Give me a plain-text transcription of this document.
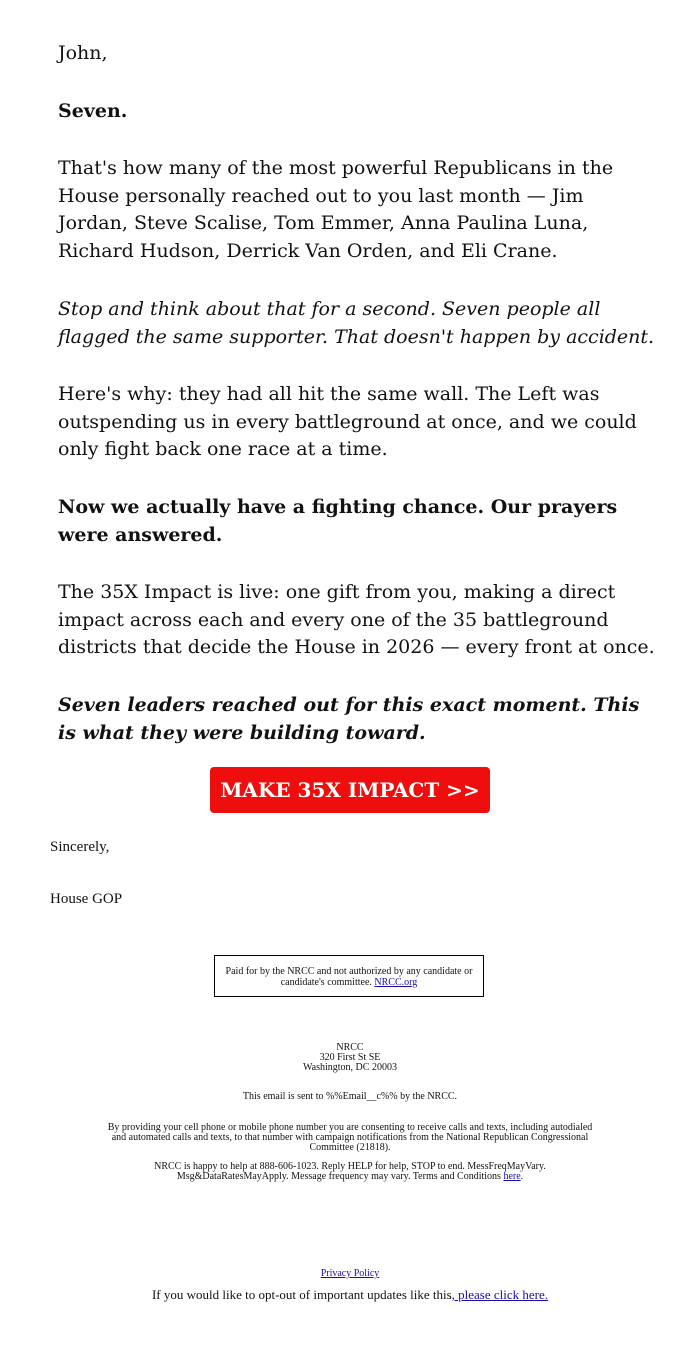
John,

Seven.

That's how many of the most powerful Republicans in the House personally reached out to you last month — Jim Jordan, Steve Scalise, Tom Emmer, Anna Paulina Luna, Richard Hudson, Derrick Van Orden, and Eli Crane.

Stop and think about that for a second. Seven people all flagged the same supporter. That doesn't happen by accident.

Here's why: they had all hit the same wall. The Left was outspending us in every battleground at once, and we could only fight back one race at a time.

Now we actually have a fighting chance. Our prayers were answered.

The 35X Impact is live: one gift from you, making a direct impact across each and every one of the 35 battleground districts that decide the House in 2026 — every front at once.

Seven leaders reached out for this exact moment. This is what they were building toward.

MAKE 35X IMPACT >>

Sincerely,

House GOP

Paid for by the NRCC and not authorized by any candidate or candidate's committee. NRCC.org
NRCC
320 First St SE
Washington, DC 20003

This email is sent to %%Email__c%% by the NRCC.

By providing your cell phone or mobile phone number you are consenting to receive calls and texts, including autodialed and automated calls and texts, to that number with campaign notifications from the National Republican Congressional Committee (21818).

NRCC is happy to help at 888-606-1023. Reply HELP for help, STOP to end. MessFreqMayVary. Msg&DataRatesMayApply. Message frequency may vary. Terms and Conditions here.

Privacy Policy

If you would like to opt-out of important updates like this, please click here.
